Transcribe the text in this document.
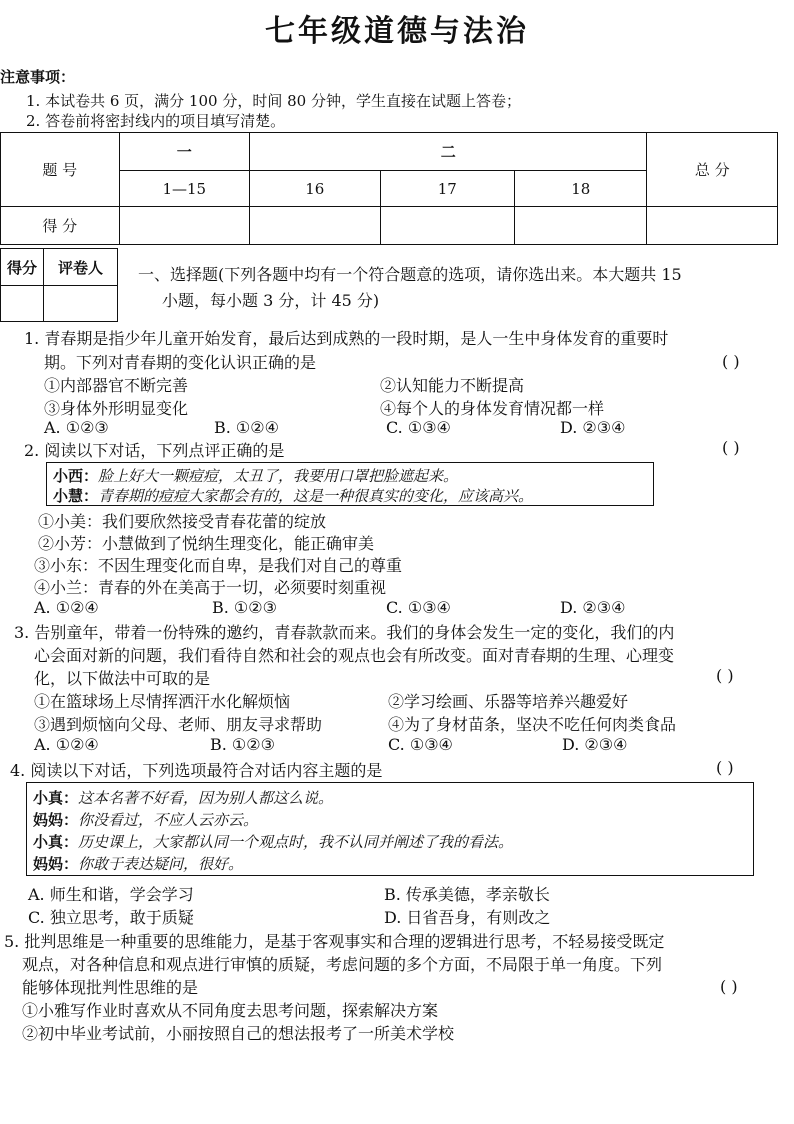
七年级道德与法治
注意事项：
1. 本试卷共 6 页，满分 100 分，时间 80 分钟，学生直接在试题上答卷；
2. 答卷前将密封线内的项目填写清楚。
题 号	一	二			总 分
	1—15	16	17	18	
得 分					
得分	评卷人	一、选择题(下列各题中均有一个符合题意的选项，请你选出来。本大题共 15
小题，每小题 3 分，计 45 分)
1. 青春期是指少年儿童开始发育，最后达到成熟的一段时期，是人一生中身体发育的重要时
期。下列对青春期的变化认识正确的是	( )
①内部器官不断完善	②认知能力不断提高
③身体外形明显变化	④每个人的身体发育情况都一样
A. ①②③	B. ①②④	C. ①③④	D. ②③④
2. 阅读以下对话，下列点评正确的是	( )
小西：脸上好大一颗痘痘，太丑了，我要用口罩把脸遮起来。
小慧：青春期的痘痘大家都会有的，这是一种很真实的变化，应该高兴。
①小美：我们要欣然接受青春花蕾的绽放
②小芳：小慧做到了悦纳生理变化，能正确审美
③小东：不因生理变化而自卑，是我们对自己的尊重
④小兰：青春的外在美高于一切，必须要时刻重视
A. ①②④	B. ①②③	C. ①③④	D. ②③④
3. 告别童年，带着一份特殊的邀约，青春款款而来。我们的身体会发生一定的变化，我们的内
心会面对新的问题，我们看待自然和社会的观点也会有所改变。面对青春期的生理、心理变
化，以下做法中可取的是	( )
①在篮球场上尽情挥洒汗水化解烦恼	②学习绘画、乐器等培养兴趣爱好
③遇到烦恼向父母、老师、朋友寻求帮助	④为了身材苗条，坚决不吃任何肉类食品
A. ①②④	B. ①②③	C. ①③④	D. ②③④
4. 阅读以下对话，下列选项最符合对话内容主题的是	( )
小真：这本名著不好看，因为别人都这么说。
妈妈：你没看过，不应人云亦云。
小真：历史课上，大家都认同一个观点时，我不认同并阐述了我的看法。
妈妈：你敢于表达疑问，很好。
A. 师生和谐，学会学习	B. 传承美德，孝亲敬长
C. 独立思考，敢于质疑	D. 日省吾身，有则改之
5. 批判思维是一种重要的思维能力，是基于客观事实和合理的逻辑进行思考，不轻易接受既定
观点，对各种信息和观点进行审慎的质疑，考虑问题的多个方面，不局限于单一角度。下列
能够体现批判性思维的是	( )
①小雅写作业时喜欢从不同角度去思考问题，探索解决方案
②初中毕业考试前，小丽按照自己的想法报考了一所美术学校
